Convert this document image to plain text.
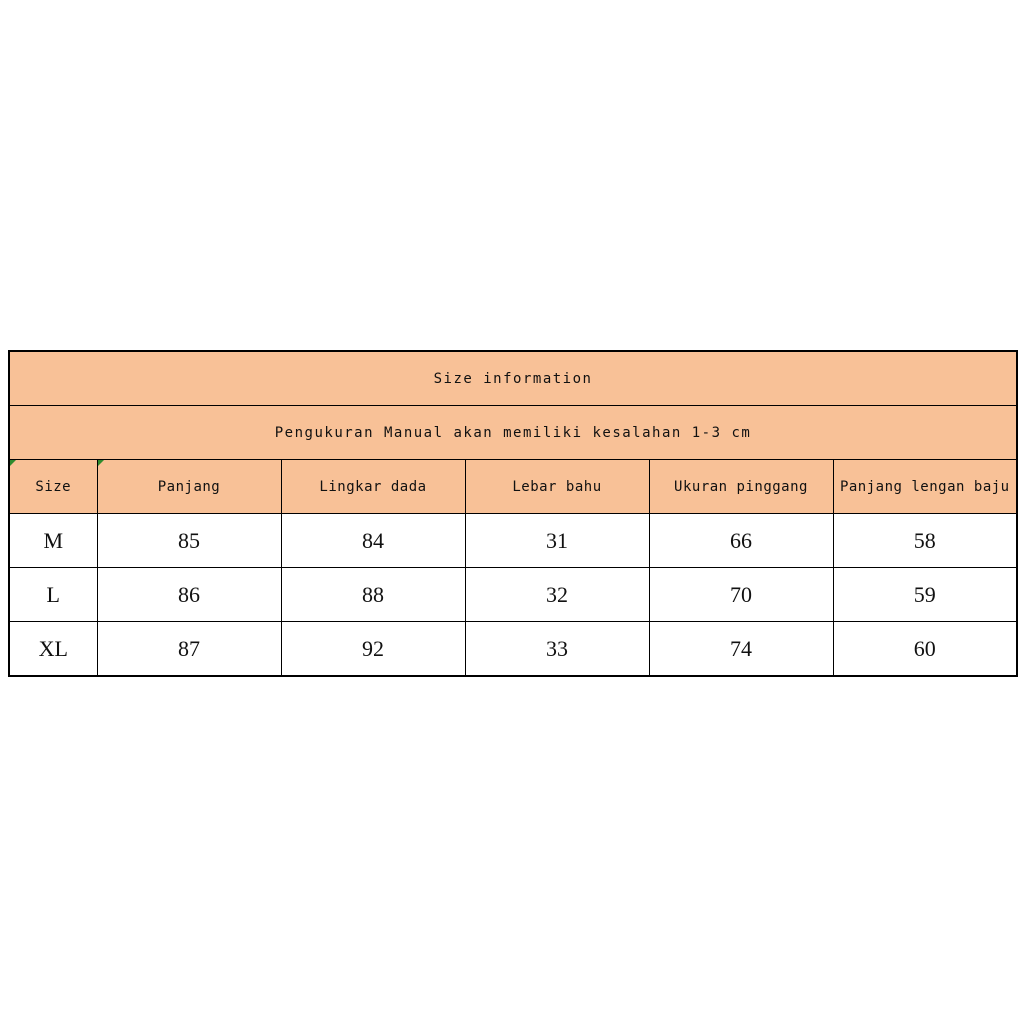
Size information					
Pengukuran Manual akan memiliki kesalahan 1-3 cm					

Size	Panjang	Lingkar dada	Lebar bahu	Ukuran pinggang	Panjang lengan baju
M	85	84	31	66	58
L	86	88	32	70	59
XL	87	92	33	74	60
